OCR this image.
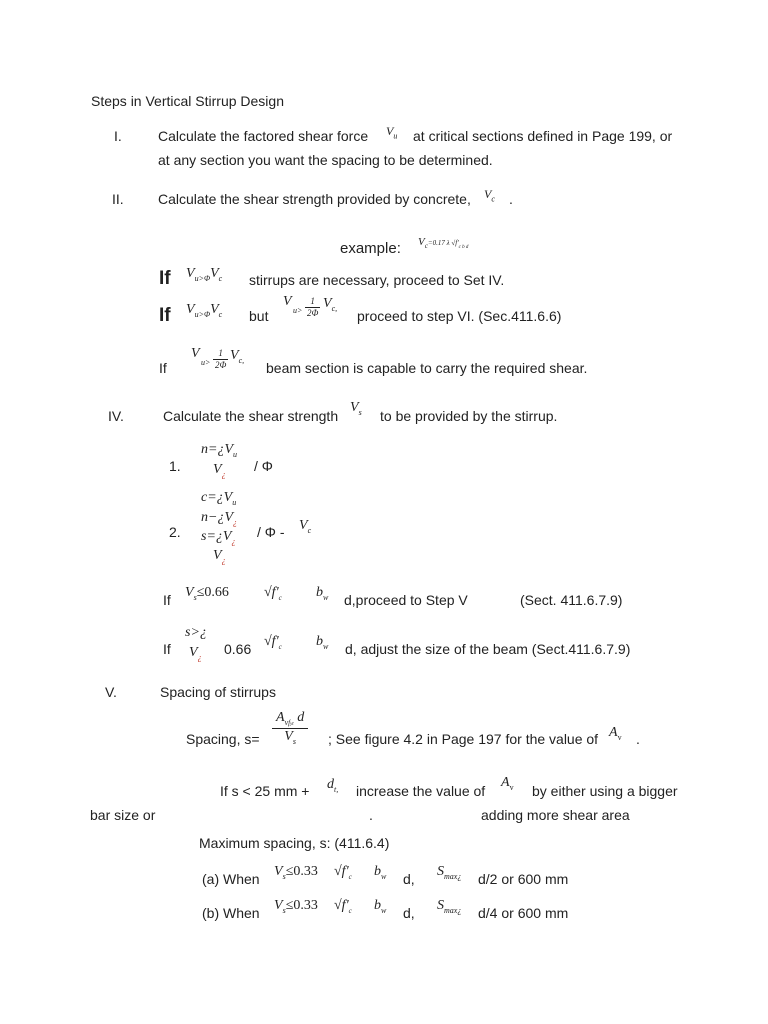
Steps in Vertical Stirrup Design
I.	Calculate the factored shear force $V_u$ at critical sections defined in Page 199, or
at any section you want the spacing to be determined.
II. Calculate the shear strength provided by concrete, $V_c$ .
example: $V_c=0.17$ λ $√f'_{c b d}$
If $V_{u>\Phi}V_c$ stirrups are necessary, proceed to Set IV.
If $V_{u>\Phi}V_c$ but
V
$u> \frac{1}{2\Phi} V_{c,}$ proceed to step VI. (Sec.411.6.6)
If
V
$u> \frac{1}{2\Phi} V_{c,}$ beam section is capable to carry the required shear.
IV.	Calculate the shear strength
$V_s$ to be provided by the stirrup.
1.
$n=¿V_u$
$V_¿$
/ Φ
2.
$c=¿V_u$
$n-¿V_¿$
$s=¿V_¿$
$V_¿$
/ Φ - $V_c$
If $V_s\le 0.66$	$√f'_c$ $b_w$ d,proceed to Step V	(Sect. 411.6.7.9)
If
s>¿
$V_¿$
0.66 $√f'_c$ $b_w$ d, adjust the size of the beam (Sect.411.6.7.9)
V.	Spacing of stirrups
Spacing, $s= \frac{A_{vfyt} d}{V_s}$ ; See figure 4.2 in Page 197 for the value of $A_v$ .
If s < 25 mm + $d_{t,}$ increase the value of
$A_v$ by either using a bigger
bar size or	.	adding more shear area
Maximum spacing, s: (411.6.4)
(a) When $V_s\le 0.33$ $√f'_c$ $b_w$ d, $S_{max¿}$ d/2 or 600 mm
(b) When $V_s\le 0.33$ $√f'_c$ $b_w$ d, $S_{max¿}$ d/4 or 600 mm
